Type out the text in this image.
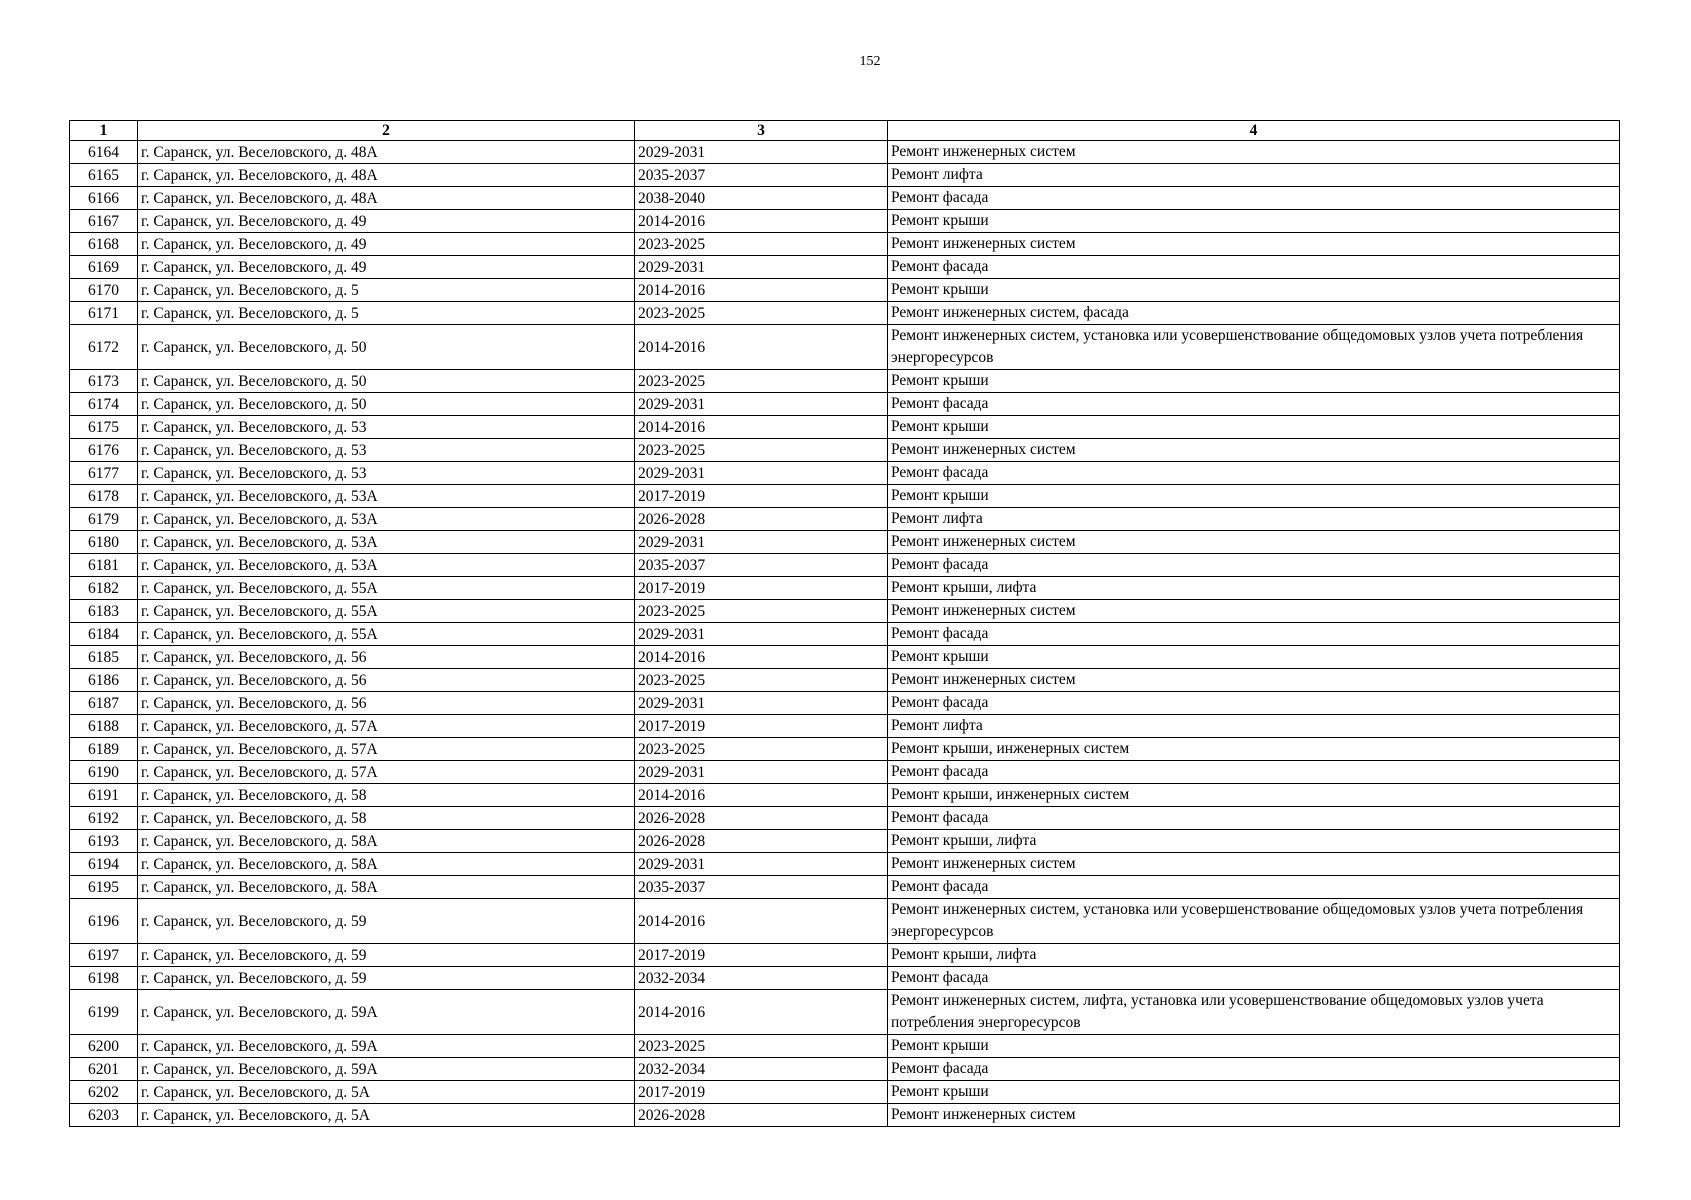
152
1	2	3	4
6164	г. Саранск, ул. Веселовского, д. 48А	2029-2031	Ремонт инженерных систем
6165	г. Саранск, ул. Веселовского, д. 48А	2035-2037	Ремонт лифта
6166	г. Саранск, ул. Веселовского, д. 48А	2038-2040	Ремонт фасада
6167	г. Саранск, ул. Веселовского, д. 49	2014-2016	Ремонт крыши
6168	г. Саранск, ул. Веселовского, д. 49	2023-2025	Ремонт инженерных систем
6169	г. Саранск, ул. Веселовского, д. 49	2029-2031	Ремонт фасада
6170	г. Саранск, ул. Веселовского, д. 5	2014-2016	Ремонт крыши
6171	г. Саранск, ул. Веселовского, д. 5	2023-2025	Ремонт инженерных систем, фасада
6172	г. Саранск, ул. Веселовского, д. 50	2014-2016	Ремонт инженерных систем, установка или усовершенствование общедомовых узлов учета потребления энергоресурсов
6173	г. Саранск, ул. Веселовского, д. 50	2023-2025	Ремонт крыши
6174	г. Саранск, ул. Веселовского, д. 50	2029-2031	Ремонт фасада
6175	г. Саранск, ул. Веселовского, д. 53	2014-2016	Ремонт крыши
6176	г. Саранск, ул. Веселовского, д. 53	2023-2025	Ремонт инженерных систем
6177	г. Саранск, ул. Веселовского, д. 53	2029-2031	Ремонт фасада
6178	г. Саранск, ул. Веселовского, д. 53А	2017-2019	Ремонт крыши
6179	г. Саранск, ул. Веселовского, д. 53А	2026-2028	Ремонт лифта
6180	г. Саранск, ул. Веселовского, д. 53А	2029-2031	Ремонт инженерных систем
6181	г. Саранск, ул. Веселовского, д. 53А	2035-2037	Ремонт фасада
6182	г. Саранск, ул. Веселовского, д. 55А	2017-2019	Ремонт крыши, лифта
6183	г. Саранск, ул. Веселовского, д. 55А	2023-2025	Ремонт инженерных систем
6184	г. Саранск, ул. Веселовского, д. 55А	2029-2031	Ремонт фасада
6185	г. Саранск, ул. Веселовского, д. 56	2014-2016	Ремонт крыши
6186	г. Саранск, ул. Веселовского, д. 56	2023-2025	Ремонт инженерных систем
6187	г. Саранск, ул. Веселовского, д. 56	2029-2031	Ремонт фасада
6188	г. Саранск, ул. Веселовского, д. 57А	2017-2019	Ремонт лифта
6189	г. Саранск, ул. Веселовского, д. 57А	2023-2025	Ремонт крыши, инженерных систем
6190	г. Саранск, ул. Веселовского, д. 57А	2029-2031	Ремонт фасада
6191	г. Саранск, ул. Веселовского, д. 58	2014-2016	Ремонт крыши, инженерных систем
6192	г. Саранск, ул. Веселовского, д. 58	2026-2028	Ремонт фасада
6193	г. Саранск, ул. Веселовского, д. 58А	2026-2028	Ремонт крыши, лифта
6194	г. Саранск, ул. Веселовского, д. 58А	2029-2031	Ремонт инженерных систем
6195	г. Саранск, ул. Веселовского, д. 58А	2035-2037	Ремонт фасада
6196	г. Саранск, ул. Веселовского, д. 59	2014-2016	Ремонт инженерных систем, установка или усовершенствование общедомовых узлов учета потребления энергоресурсов
6197	г. Саранск, ул. Веселовского, д. 59	2017-2019	Ремонт крыши, лифта
6198	г. Саранск, ул. Веселовского, д. 59	2032-2034	Ремонт фасада
6199	г. Саранск, ул. Веселовского, д. 59А	2014-2016	Ремонт инженерных систем, лифта, установка или усовершенствование общедомовых узлов учета потребления энергоресурсов
6200	г. Саранск, ул. Веселовского, д. 59А	2023-2025	Ремонт крыши
6201	г. Саранск, ул. Веселовского, д. 59А	2032-2034	Ремонт фасада
6202	г. Саранск, ул. Веселовского, д. 5А	2017-2019	Ремонт крыши
6203	г. Саранск, ул. Веселовского, д. 5А	2026-2028	Ремонт инженерных систем
